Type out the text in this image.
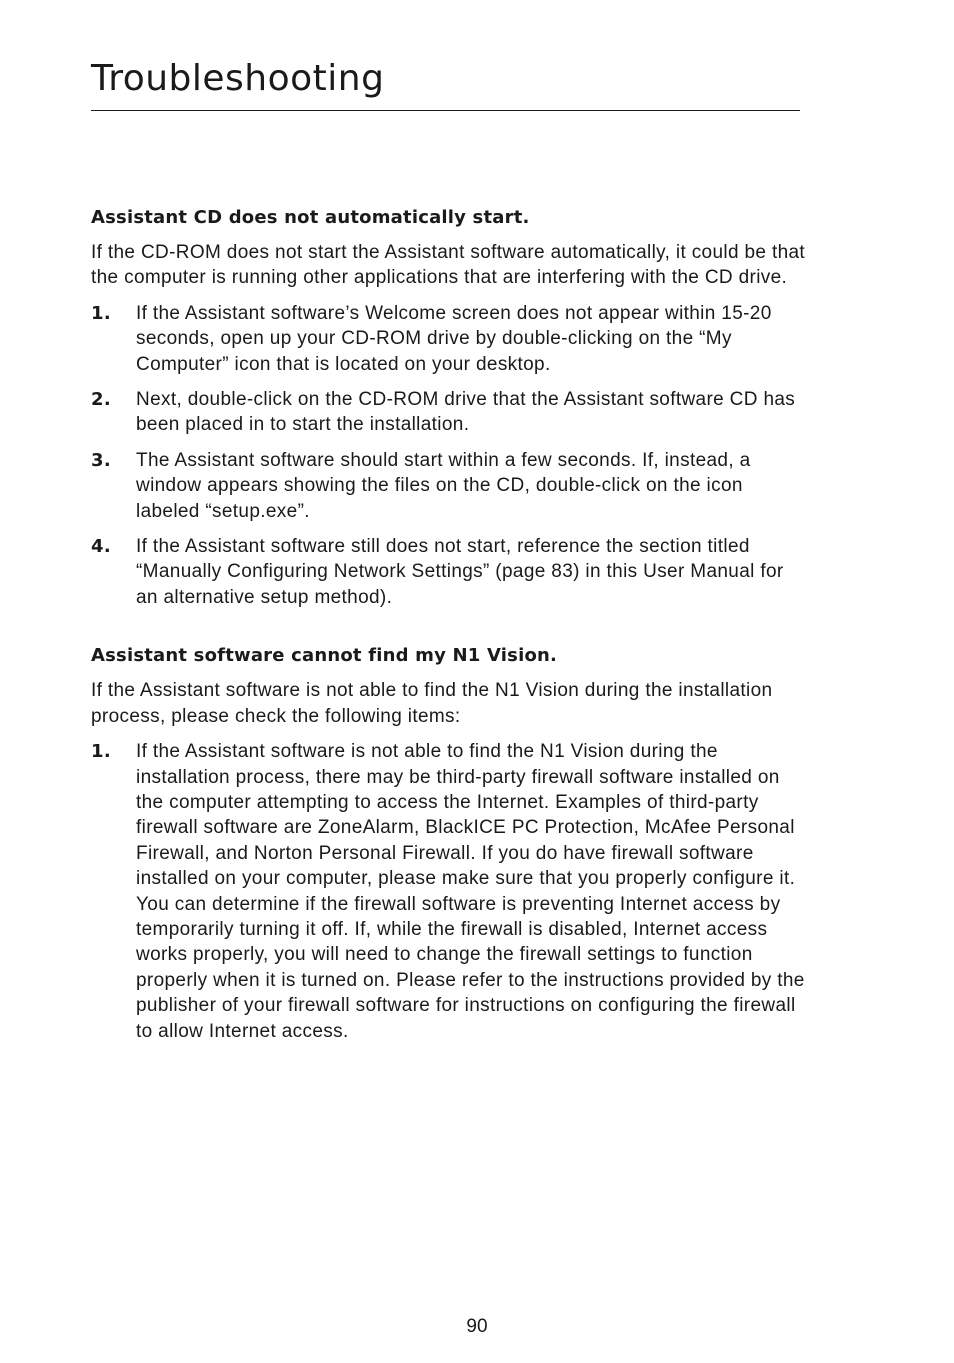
Troubleshooting
Assistant CD does not automatically start.

If the CD-ROM does not start the Assistant software automatically, it could be that the computer is running other applications that are interfering with the CD drive.

1. If the Assistant software’s Welcome screen does not appear within 15-20 seconds, open up your CD-ROM drive by double-clicking on the “My Computer” icon that is located on your desktop.
2. Next, double-click on the CD-ROM drive that the Assistant software CD has been placed in to start the installation.
3. The Assistant software should start within a few seconds. If, instead, a window appears showing the files on the CD, double-click on the icon labeled “setup.exe”.
4. If the Assistant software still does not start, reference the section titled “Manually Configuring Network Settings” (page 83) in this User Manual for an alternative setup method).
Assistant software cannot find my N1 Vision.

If the Assistant software is not able to find the N1 Vision during the installation process, please check the following items:

1. If the Assistant software is not able to find the N1 Vision during the installation process, there may be third-party firewall software installed on the computer attempting to access the Internet. Examples of third-party firewall software are ZoneAlarm, BlackICE PC Protection, McAfee Personal Firewall, and Norton Personal Firewall. If you do have firewall software installed on your computer, please make sure that you properly configure it. You can determine if the firewall software is preventing Internet access by temporarily turning it off. If, while the firewall is disabled, Internet access works properly, you will need to change the firewall settings to function properly when it is turned on. Please refer to the instructions provided by the publisher of your firewall software for instructions on configuring the firewall to allow Internet access.
90
